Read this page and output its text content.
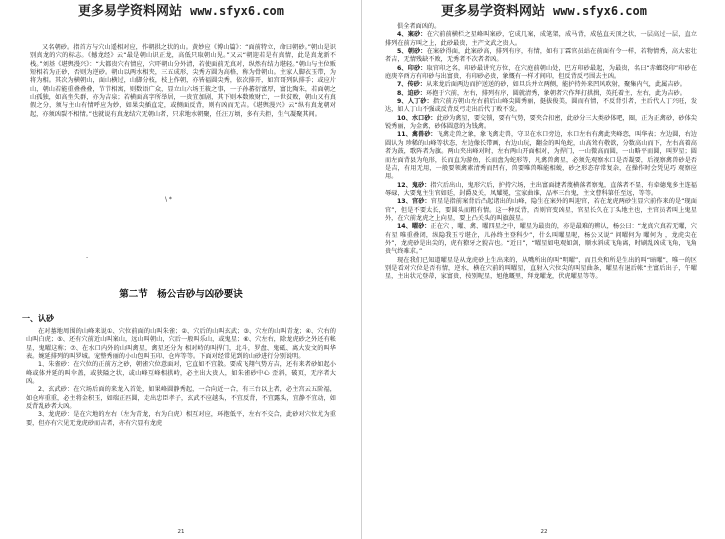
更多易学资料网站 www.sfyx6.com

又名朝砂。指首方与穴山遥相对应，作朝拱之状的山。黄妙应《博山篇》：“面前特立，命曰朝砂。”朝山是识别真龙的穴的标志。《撼龙经》云“最是朝山识正龙，高低只取朝山见。”又云“朝迎若是有真情，此是真龙新不栈。”刘基《堪舆漫兴》：“大都贵穴有情应，穴吓朝山分外清，若使面前无真对，纵然有结力堪轻。”朝山与主位贩短相若为正砂，否则为逆砂。朝山以两水相夹，三五成形，尖秀方圆为高格，称为骨朝山。主家人脚衣玉带，为将为相。其次为横朝山，面山横过，山脚分枝，枝上作朝，亦皆福圆尖秀，依次排开，如宫哥列队排手；或应片山，朝山若能重叠叠叠，节节相寓，则数语广众，显立山六场王筱之事，一子孙蕃衍富厚，富比陶朱，若面朝之山孤独，如高坐失群，亦为吉泉；若横面高字所举居，一贵宜加剧，其下则本数败财亡，一世贫败，朝山又有真假之分，须与主山有情呼应为妙，如果尖插直定，或侧面反背，则有凶而无吉。《堪舆漫兴》云“纵有真龙朝对起，亦须凶裂不相情。”也就说有真龙结穴无朝山者，只求地水朝聚，任汪万顷，多有夫拒，生气凝聚其间。

\ *
-
第二节　杨公吉砂与凶砂要诀
一、认砂

在对墓地周围的山峰来说①、穴位前面的山叫朱雀；②、穴后的山叫玄武；③、穴左的山叫青龙；④、穴右的山叫白虎；⑤、还有穴前近山叫案山，远山叫朝山，穴后一般叫乐山，或鬼星；⑥、穴左右，除龙虎砂之外还有帐星，鬼曜这称；⑦、在水口内外的山叫禽星，禽星还分为 相对峙的叫捍门，北斗，罗盘、鬼砥、离大发文的叫华表。婉延排列的叫罗城。宠整秀丽的小山包叫玉印、仓库等等。下面对经常见到的山砂进行分别说明。

1、朱雀砂：在穴位的正前方之砂，朝雀穴位意面对，它直如不宜散。要成飞翔气势方吉，还有来者砂如起小峰或体并延的叫伞盖，或狭隘之状，或山峰互峰相拱峙，必主出大贵人，如朱雀砂中心 歪斜，破页，无序者大凶。

2、玄武砂：在穴场后面的来龙入首处，如果峰圆静秀起，一合向近一合，有三台以上者，必主宫云五阶福，如仓库重重，必主将金积玉，如瑞正匹圆，走出忠臣孝子，玄武不应越头，不宜反背，不宜露头，宜静不宜动，如反背乱砂者大凶。

3、龙虎砂：是在穴地的左右（左为青龙，右为白虎）相互对应，环抱低平，左右不交合，此砂对穴位尤为重要，但亦有穴见无龙虎砂而吉者，亦有穴显有龙虎

21
更多易学资料网站 www.sfyx6.com

俱全者面凶的。

4、案砂：在穴前前横栏之星峰叫案砂，它成几案，成笔架，成马背，成毡直天顶之状，一层高过一层，直立排列在前方叫之上，此砂最贵，主产文武之贵人。

5、朝砂：在案砂得面，此案砂高，排列有序，有情，如有丁霖官员站在前面有令一样，若物情秀，高大宏壮者吉，无情残缺不败，无秀者不次者者凶。

6、印砂：取官印之名，印砂最讲究方位，在穴庭前朝山处，巴方印砂最起，为最贵，名曰“赤螂绕印”印砂在庭庚辛酉方有印砂与出富贵，有印砂必贵，象慨有一样才间印，但反背反弓围去主凶。

7、传砂：从来龙后面两边而护送送的砂，如旦兵并立两侧，能护持外来凹风吹射，聚集内气，此属吉砂。

8、迫砂：环抱于穴前，左右，排列有序，圆就清秀，象朝者穴作拜打拱揖，英托着主，左右，此为吉砂。

9、人丁砂：指穴前方朝山左右前后山峰尖圆秀丽，挺拔俊美，圆而有情，不反背引者，主后代人丁兴旺，发达，如人丁山不强或反背反弓走出后代丁败不发。

10、水口砂：此砂为禽星，要交锁，要有气势，要夹合扣密，此砂分三大类砂体吧，圈，正为正禽砂，砂体尖锐秀丽，为金禽，砂体圆意的为钱禽。

11、禽兽砂：飞禽走兽之象，象飞禽走兽，守卫在水口旁边，水口左右有禽此夹峰恋，叫华表；左边圆，右边圆认为 珍稀的山峰等状态，左边像长带画，右边山玩，翻金的叫龟蛇，山高耸有敬欲，分数高山而下，左右高着高者为鼓，歌阵者为旗。两山夹出峰对时，左右两山开面相对，为捍门，一山微高而圆，一山略平而圆，叫罗星；圆而左面背县为龟形，长而直为游鱼，长而盘为蛇形等，凡禽兽禽星，必须先观察水口是否凝要，后视察禽兽砂是否是吉，有用无用，一般要领禽素清秀而凹有，兽要唯兽唯能相蜕，砂之形态存常复杂，在操作时会凭见巧 观察应用。

12、鬼砂：指穴后出山，鬼形穴后，护持穴场，主出富面捷者蔑横落者察鬼，直落者不显，有牵德鬼多主连福辱碌，大要鬼主生官如廷，封爵及关，凤耀冕，宝家曲谁，品率三台鬼，主文曹科第任至远，等等。

13、官砂：官星是指前案背后凸起诸出的山峰，隐生在案外的叫迎官，若在龙虎两砂生显穴前作来的是“现面官”，但是不要太长，要圆头而粗有情。这一种反背，否则官变凶星，官星长久在丁头地主也，主官员者叫上鬼星外，在穴前龙虎之上向星，要上凸关头的叫旗鼓星。

14、曜砂：正在穴 ，曜、禽、曜四星之中，曜星为最贵的，亦是最难的辨认，杨公曰：“龙真穴真若无曜，穴有星 唯重叠闭，纵隐我玉亏堪企，儿孙终主登科少”，什么叫曜星呢，杨公又说“ 问曜何为 曜何为 ，龙虎尖在外”，龙虎砂是出尖的，虎有獠牙之貌吉也。“近日”，“曜星如电观如剑，顺水斜成飞角离，时刷乱凶成飞角，飞角贵气终难求。”

现在我们已知道曜星是从龙虎砂上生出来的，从嘴所出的叫“明曜”，而且央和所是生出的叫“暗曜”，唯一的区别是看对穴位是否有情，逆水，横在穴前的叫曜星，直射入穴位尖的叫星曲条，曜星有退后帐“主富后出子，午曜星，主出状元登蒂，家富贵，按别呢星，旭他嘅里，拜龙曜龙，伏虎曜星等等。

22
